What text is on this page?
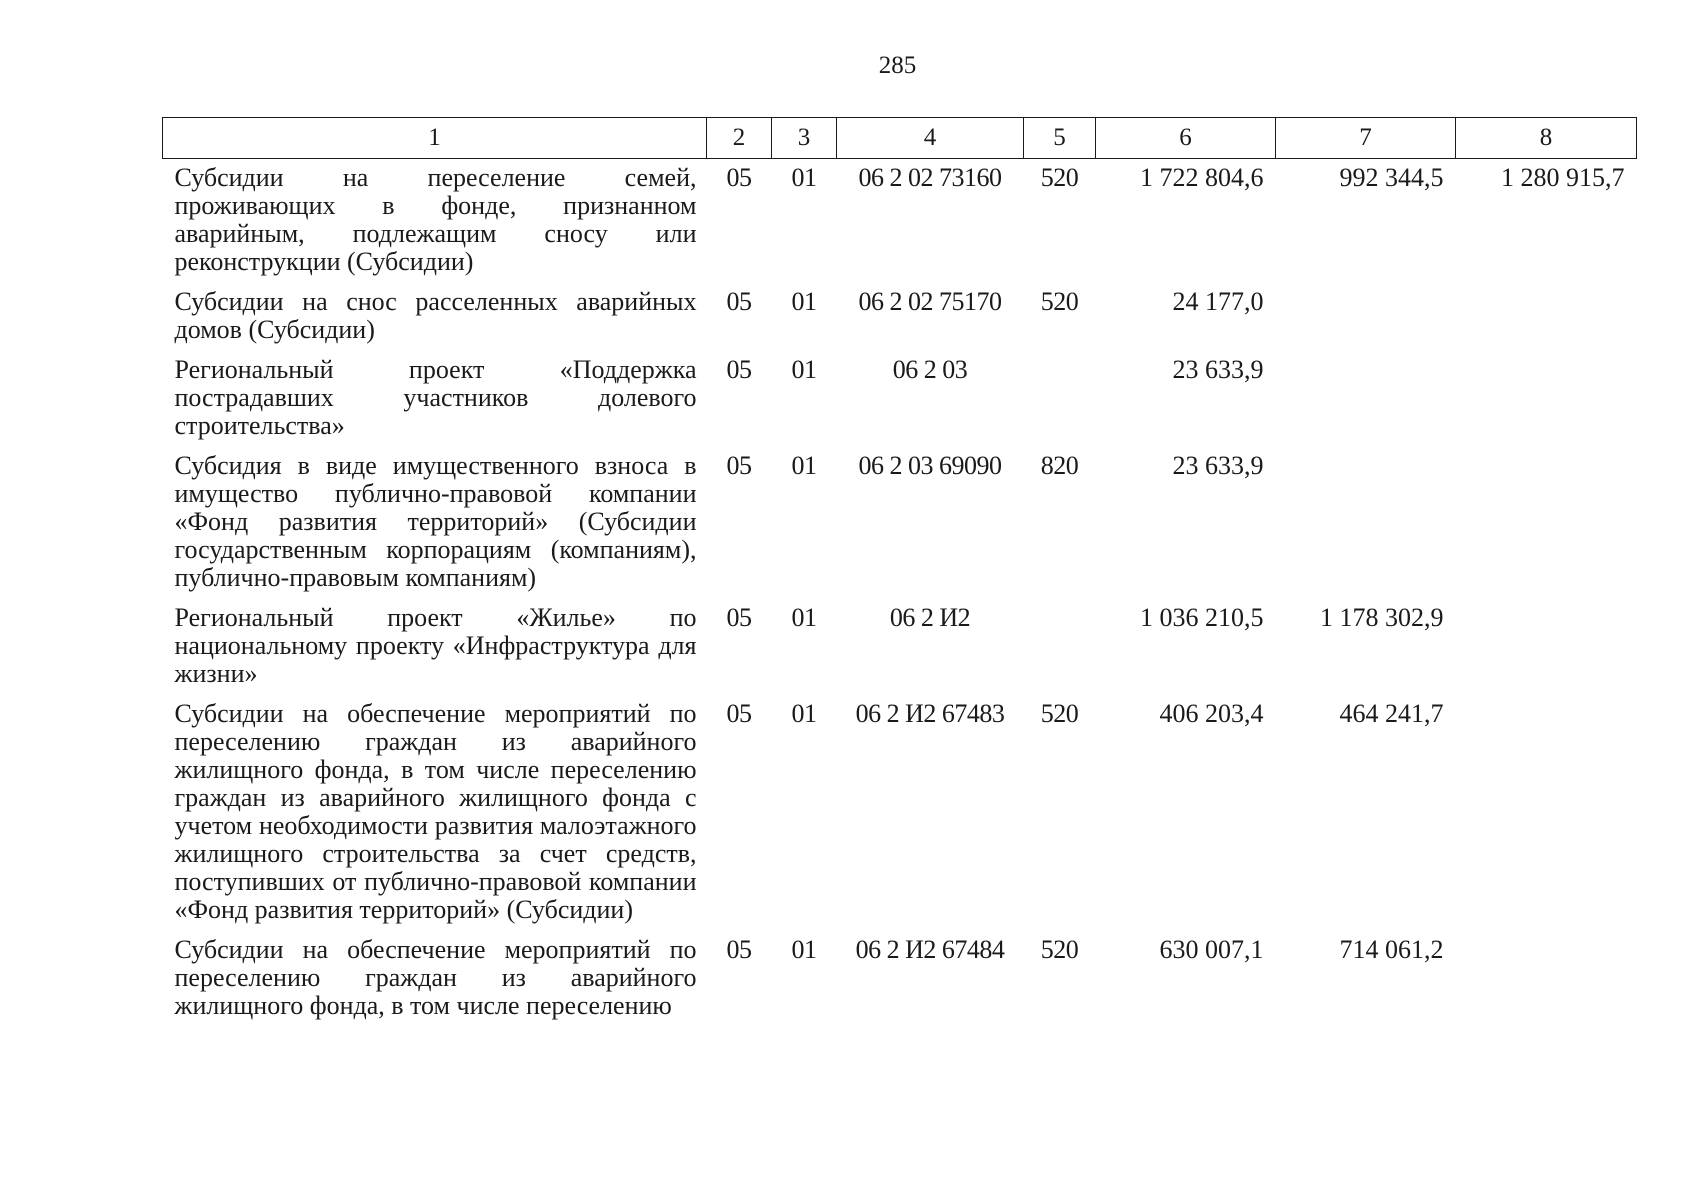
285
1	2	3	4	5	6	7	8
Субсидии на переселение семей, проживающих в фонде, признанном аварийным, подлежащим сносу или реконструкции (Субсидии)	05	01	06 2 02 73160	520	1 722 804,6	992 344,5	1 280 915,7
Субсидии на снос расселенных аварийных домов (Субсидии)	05	01	06 2 02 75170	520	24 177,0		
Региональный проект «Поддержка пострадавших участников долевого строительства»	05	01	06 2 03		23 633,9		
Субсидия в виде имущественного взноса в имущество публично-правовой компании «Фонд развития территорий» (Субсидии государственным корпорациям (компаниям), публично-правовым компаниям)	05	01	06 2 03 69090	820	23 633,9		
Региональный проект «Жилье» по национальному проекту «Инфраструктура для жизни»	05	01	06 2 И2		1 036 210,5	1 178 302,9	
Субсидии на обеспечение мероприятий по переселению граждан из аварийного жилищного фонда, в том числе переселению граждан из аварийного жилищного фонда с учетом необходимости развития малоэтажного жилищного строительства за счет средств, поступивших от публично-правовой компании «Фонд развития территорий» (Субсидии)	05	01	06 2 И2 67483	520	406 203,4	464 241,7	
Субсидии на обеспечение мероприятий по переселению граждан из аварийного жилищного фонда, в том числе переселению	05	01	06 2 И2 67484	520	630 007,1	714 061,2	
